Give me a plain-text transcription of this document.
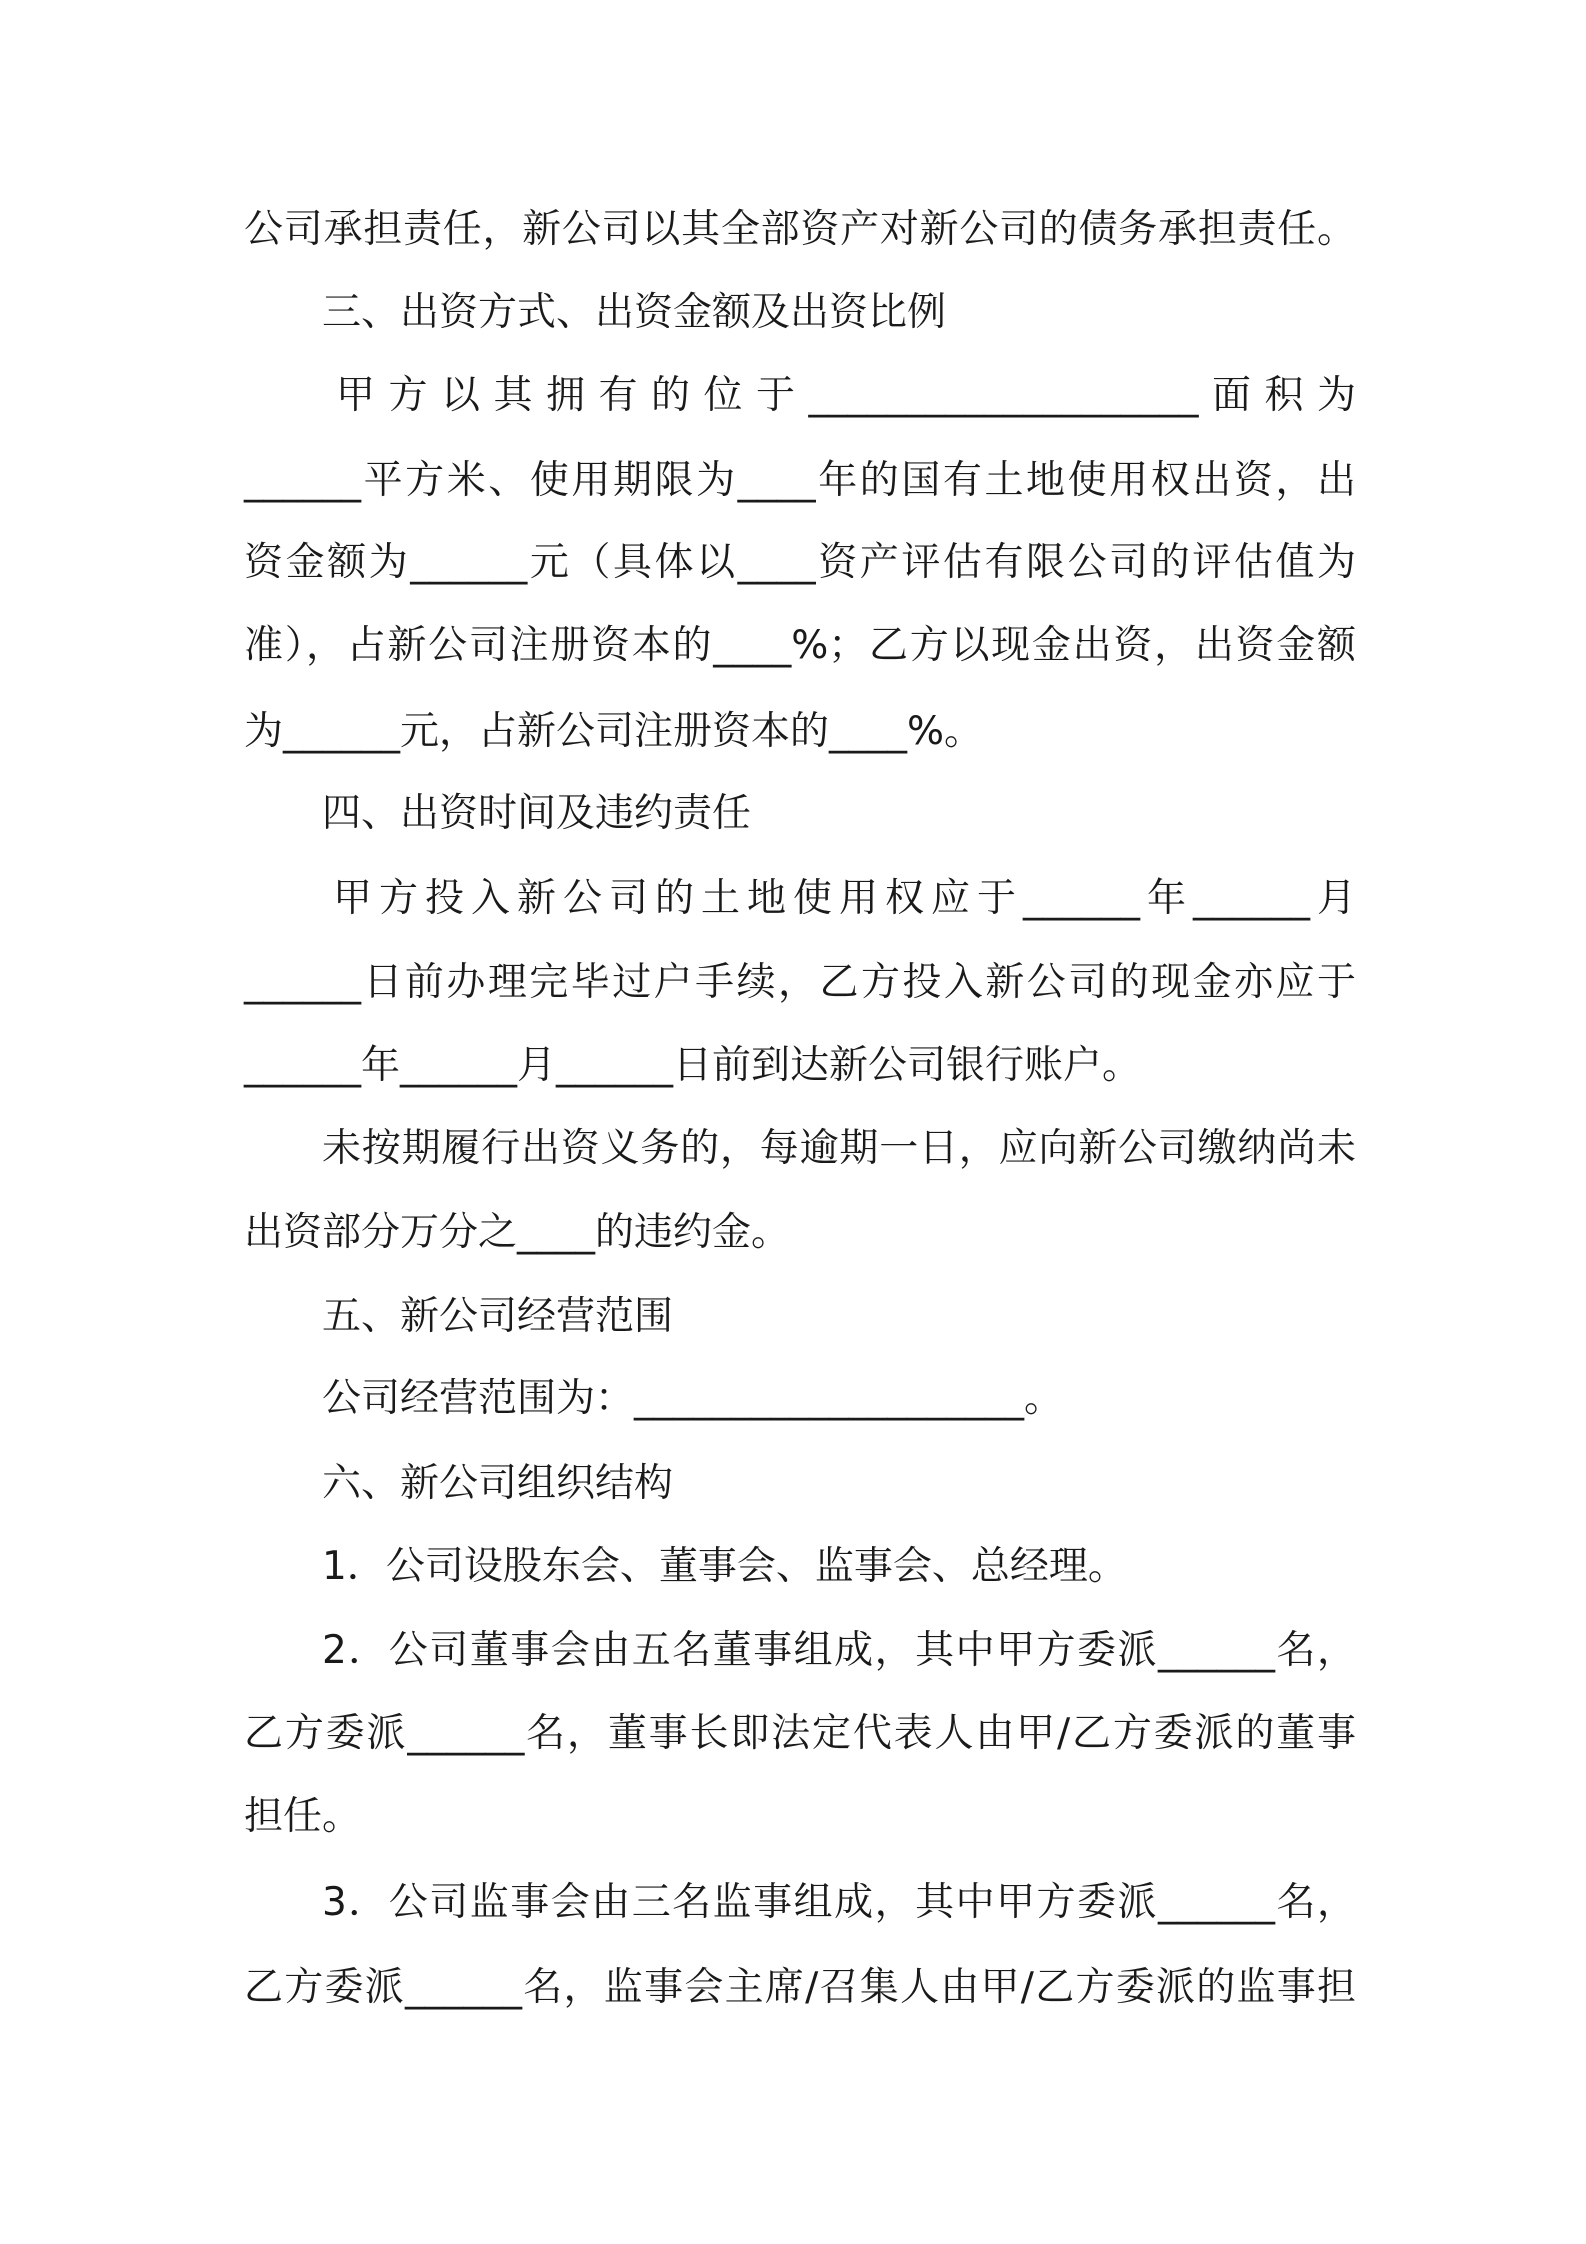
公司承担责任，新公司以其全部资产对新公司的债务承担责任。

三、出资方式、出资金额及出资比例

甲方以其拥有的位于____________________面积为

______平方米、使用期限为____年的国有土地使用权出资，出

资金额为______元（具体以____资产评估有限公司的评估值为

准），占新公司注册资本的____%；乙方以现金出资，出资金额

为______元，占新公司注册资本的____%。

四、出资时间及违约责任

甲方投入新公司的土地使用权应于______年______月

______日前办理完毕过户手续，乙方投入新公司的现金亦应于

______年______月______日前到达新公司银行账户。

未按期履行出资义务的，每逾期一日，应向新公司缴纳尚未

出资部分万分之____的违约金。

五、新公司经营范围

公司经营范围为：____________________。

六、新公司组织结构

1．公司设股东会、董事会、监事会、总经理。

2．公司董事会由五名董事组成，其中甲方委派______名，

乙方委派______名，董事长即法定代表人由甲/乙方委派的董事

担任。

3．公司监事会由三名监事组成，其中甲方委派______名，

乙方委派______名，监事会主席/召集人由甲/乙方委派的监事担
